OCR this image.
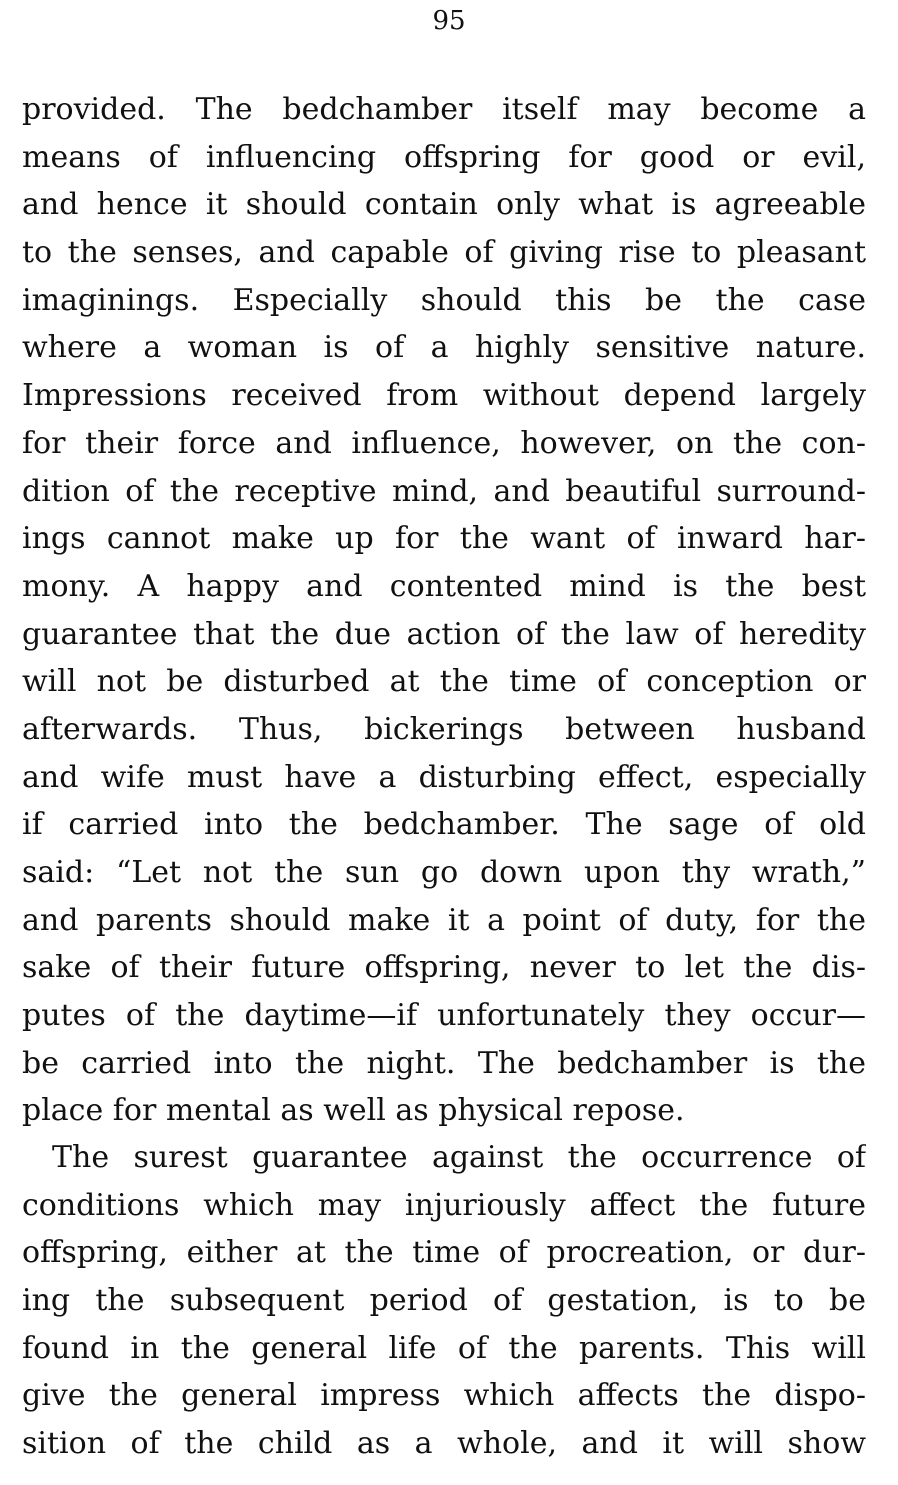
95
provided. The bedchamber itself may become a
means of influencing offspring for good or evil,
and hence it should contain only what is agreeable
to the senses, and capable of giving rise to pleasant
imaginings. Especially should this be the case
where a woman is of a highly sensitive nature.
Impressions received from without depend largely
for their force and influence, however, on the con-
dition of the receptive mind, and beautiful surround-
ings cannot make up for the want of inward har-
mony. A happy and contented mind is the best
guarantee that the due action of the law of heredity
will not be disturbed at the time of conception or
afterwards. Thus, bickerings between husband
and wife must have a disturbing effect, especially
if carried into the bedchamber. The sage of old
said: “Let not the sun go down upon thy wrath,”
and parents should make it a point of duty, for the
sake of their future offspring, never to let the dis-
putes of the daytime—if unfortunately they occur—
be carried into the night. The bedchamber is the
place for mental as well as physical repose.
The surest guarantee against the occurrence of
conditions which may injuriously affect the future
offspring, either at the time of procreation, or dur-
ing the subsequent period of gestation, is to be
found in the general life of the parents. This will
give the general impress which affects the dispo-
sition of the child as a whole, and it will show
